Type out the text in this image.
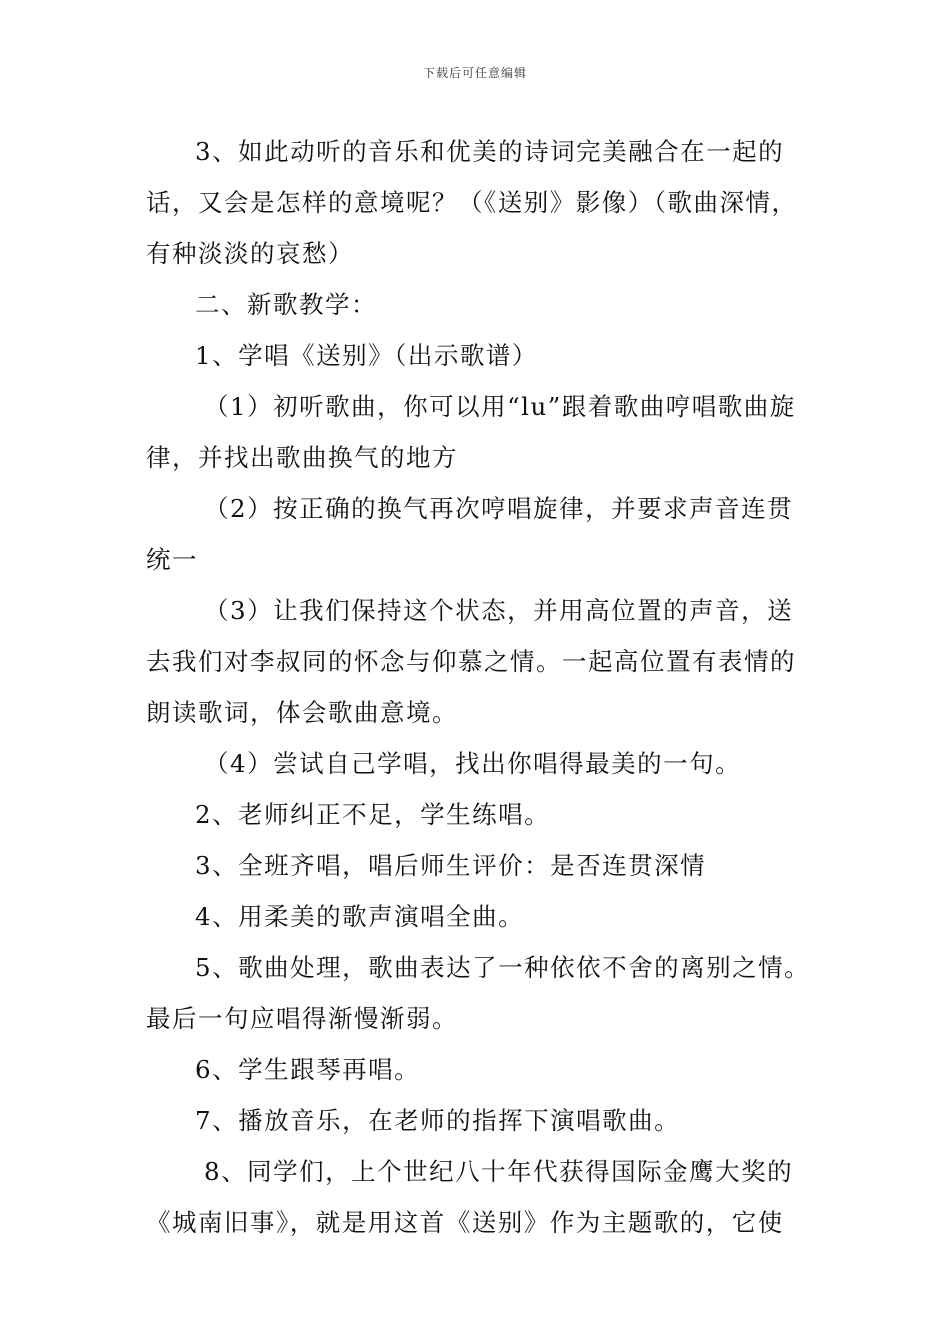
下载后可任意编辑

3、如此动听的音乐和优美的诗词完美融合在一起的话，又会是怎样的意境呢？（《送别》影像）（歌曲深情，有种淡淡的哀愁）

二、新歌教学：

1、学唱《送别》（出示歌谱）

（1）初听歌曲，你可以用“lu”跟着歌曲哼唱歌曲旋律，并找出歌曲换气的地方

（2）按正确的换气再次哼唱旋律，并要求声音连贯统一

（3）让我们保持这个状态，并用高位置的声音，送去我们对李叔同的怀念与仰慕之情。一起高位置有表情的朗读歌词，体会歌曲意境。

（4）尝试自己学唱，找出你唱得最美的一句。

2、老师纠正不足，学生练唱。

3、全班齐唱，唱后师生评价：是否连贯深情

4、用柔美的歌声演唱全曲。

5、歌曲处理，歌曲表达了一种依依不舍的离别之情。最后一句应唱得渐慢渐弱。

6、学生跟琴再唱。

7、播放音乐，在老师的指挥下演唱歌曲。

8、同学们，上个世纪八十年代获得国际金鹰大奖的《城南旧事》，就是用这首《送别》作为主题歌的，它使
